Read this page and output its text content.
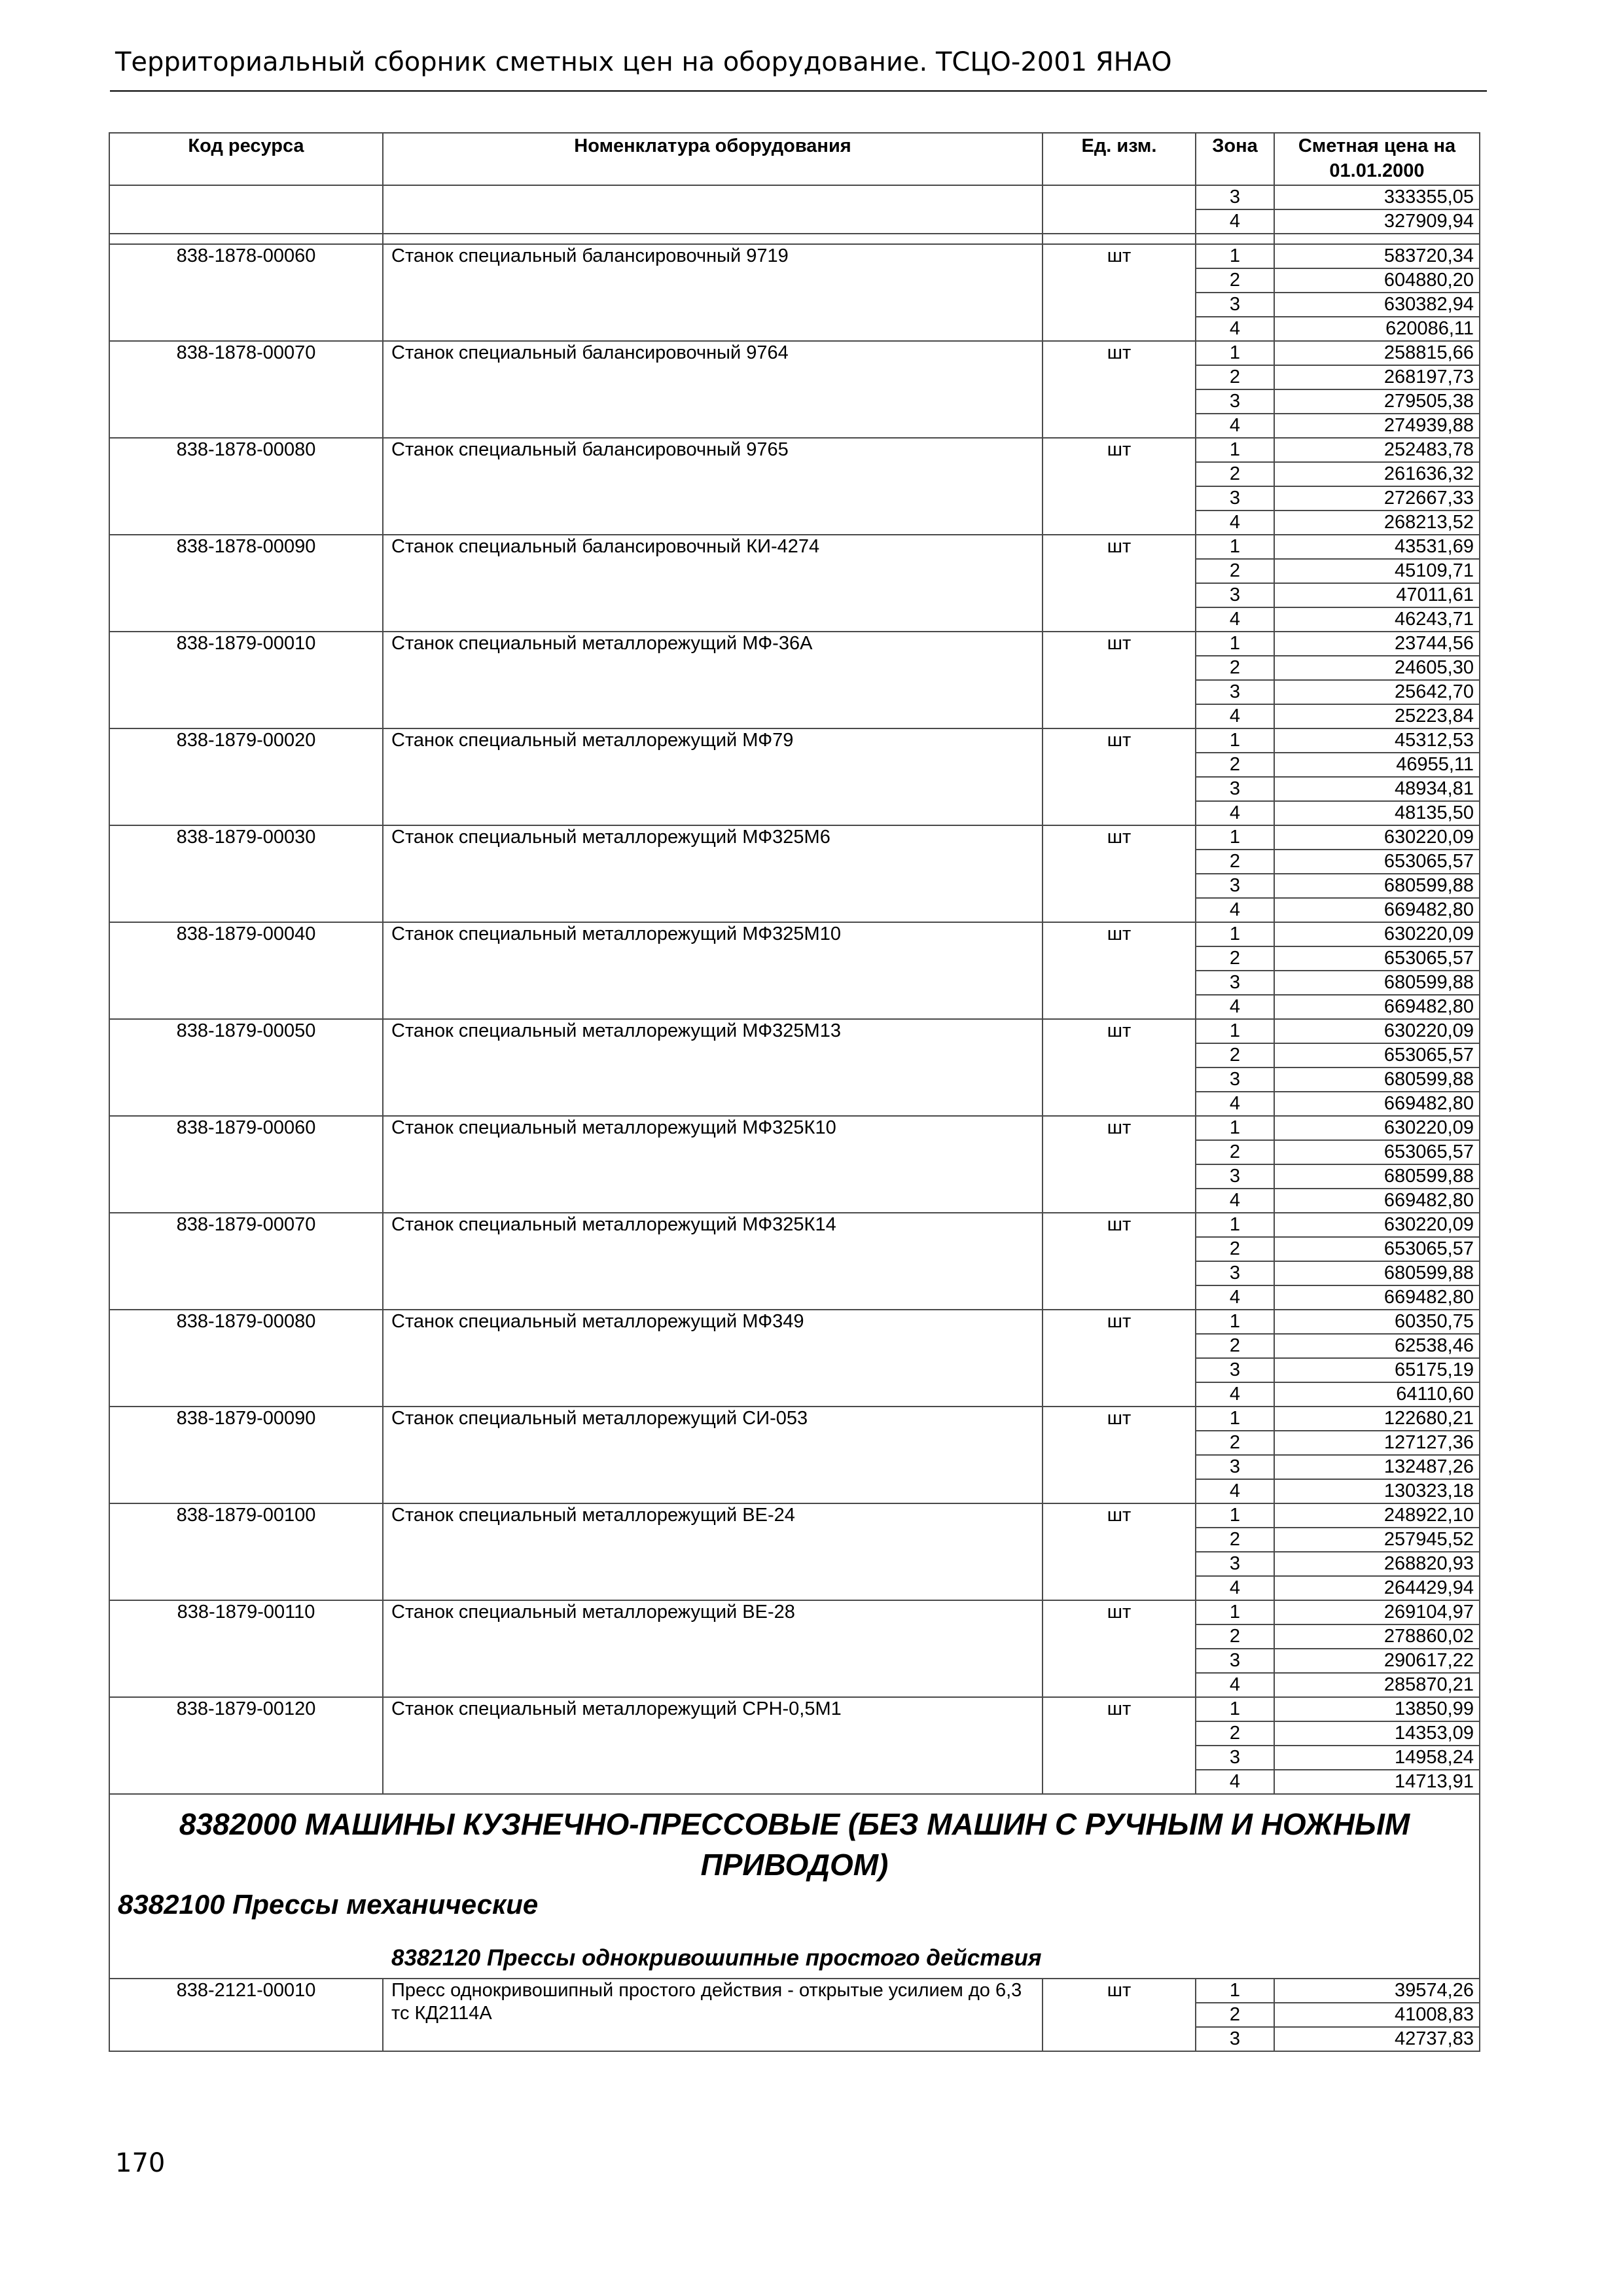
Территориальный сборник сметных цен на оборудование. ТСЦО-2001 ЯНАО
Код ресурса	Номенклатура оборудования	Ед. изм.	Зона	Сметная цена на 01.01.2000
			3	333355,05
			4	327909,94

838-1878-00060	Станок специальный балансировочный 9719	шт	1	583720,34
			2	604880,20
			3	630382,94
			4	620086,11
838-1878-00070	Станок специальный балансировочный 9764	шт	1	258815,66
			2	268197,73
			3	279505,38
			4	274939,88
838-1878-00080	Станок специальный балансировочный 9765	шт	1	252483,78
			2	261636,32
			3	272667,33
			4	268213,52
838-1878-00090	Станок специальный балансировочный КИ-4274	шт	1	43531,69
			2	45109,71
			3	47011,61
			4	46243,71
838-1879-00010	Станок специальный металлорежущий МФ-36А	шт	1	23744,56
			2	24605,30
			3	25642,70
			4	25223,84
838-1879-00020	Станок специальный металлорежущий МФ79	шт	1	45312,53
			2	46955,11
			3	48934,81
			4	48135,50
838-1879-00030	Станок специальный металлорежущий МФ325М6	шт	1	630220,09
			2	653065,57
			3	680599,88
			4	669482,80
838-1879-00040	Станок специальный металлорежущий МФ325М10	шт	1	630220,09
			2	653065,57
			3	680599,88
			4	669482,80
838-1879-00050	Станок специальный металлорежущий МФ325М13	шт	1	630220,09
			2	653065,57
			3	680599,88
			4	669482,80
838-1879-00060	Станок специальный металлорежущий МФ325К10	шт	1	630220,09
			2	653065,57
			3	680599,88
			4	669482,80
838-1879-00070	Станок специальный металлорежущий МФ325К14	шт	1	630220,09
			2	653065,57
			3	680599,88
			4	669482,80
838-1879-00080	Станок специальный металлорежущий МФ349	шт	1	60350,75
			2	62538,46
			3	65175,19
			4	64110,60
838-1879-00090	Станок специальный металлорежущий СИ-053	шт	1	122680,21
			2	127127,36
			3	132487,26
			4	130323,18
838-1879-00100	Станок специальный металлорежущий ВЕ-24	шт	1	248922,10
			2	257945,52
			3	268820,93
			4	264429,94
838-1879-00110	Станок специальный металлорежущий ВЕ-28	шт	1	269104,97
			2	278860,02
			3	290617,22
			4	285870,21
838-1879-00120	Станок специальный металлорежущий СРН-0,5М1	шт	1	13850,99
			2	14353,09
			3	14958,24
			4	14713,91

8382000 МАШИНЫ КУЗНЕЧНО-ПРЕССОВЫЕ (БЕЗ МАШИН С РУЧНЫМ И НОЖНЫМ ПРИВОДОМ)
8382100 Прессы механические
8382120 Прессы однокривошипные простого действия				

838-2121-00010	Пресс однокривошипный простого действия - открытые усилием до 6,3 тс КД2114А	шт	1	39574,26
			2	41008,83
			3	42737,83
170
